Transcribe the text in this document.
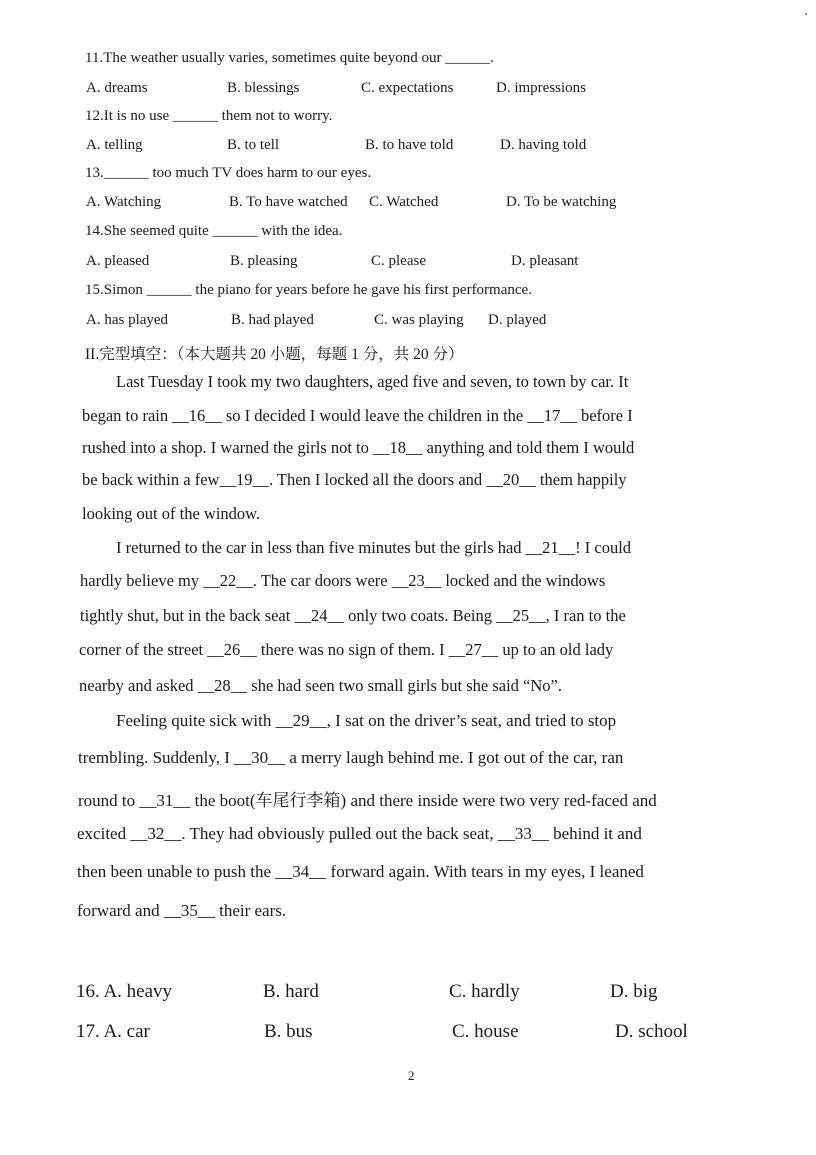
11.The weather usually varies, sometimes quite beyond our ______.
A. dreams	B. blessings	C. expectations	D. impressions
12.It is no use ______ them not to worry.
A. telling	B. to tell	B. to have told	D. having told
13.______ too much TV does harm to our eyes.
A. Watching	B. To have watched C. Watched	D. To be watching
14.She seemed quite ______ with the idea.
A. pleased	B. pleasing	C. please	D. pleasant
15.Simon ______ the piano for years before he gave his first performance.
A. has played	B. had played	C. was playing D. played
II.完型填空：（本大题共 20 小题，每题 1 分，共 20 分）
Last Tuesday I took my two daughters, aged five and seven, to town by car. It
began to rain __16__ so I decided I would leave the children in the __17__ before I
rushed into a shop. I warned the girls not to __18__ anything and told them I would
be back within a few__19__. Then I locked all the doors and __20__ them happily
looking out of the window.
I returned to the car in less than five minutes but the girls had __21__! I could
hardly believe my __22__. The car doors were __23__ locked and the windows
tightly shut, but in the back seat __24__ only two coats. Being __25__, I ran to the
corner of the street __26__ there was no sign of them. I __27__ up to an old lady
nearby and asked __28__ she had seen two small girls but she said “No”.
Feeling quite sick with __29__, I sat on the driver’s seat, and tried to stop
trembling. Suddenly, I __30__ a merry laugh behind me. I got out of the car, ran
round to __31__ the boot(车尾行李箱) and there inside were two very red-faced and
excited __32__. They had obviously pulled out the back seat, __33__ behind it and
then been unable to push the __34__ forward again. With tears in my eyes, I leaned
forward and __35__ their ears.
16. A. heavy	B. hard	C. hardly	D. big
17. A. car	B. bus	C. house	D. school
2
